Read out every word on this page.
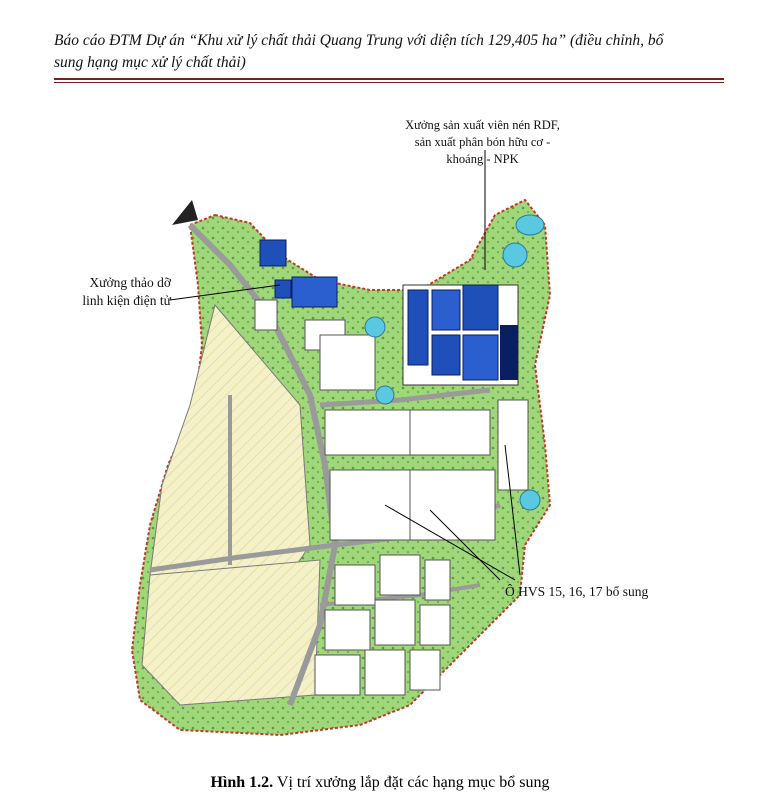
Báo cáo ĐTM Dự án “Khu xử lý chất thải Quang Trung với diện tích 129,405 ha” (điều chỉnh, bổ
sung hạng mục xử lý chất thải)
Xưởng sản xuất viên nén RDF,
sản xuất phân bón hữu cơ -
khoáng - NPK
Xưởng thảo dỡ
linh kiện điện tử
Ô HVS 15, 16, 17 bổ sung
Hình 1.2. Vị trí xưởng lắp đặt các hạng mục bổ sung
